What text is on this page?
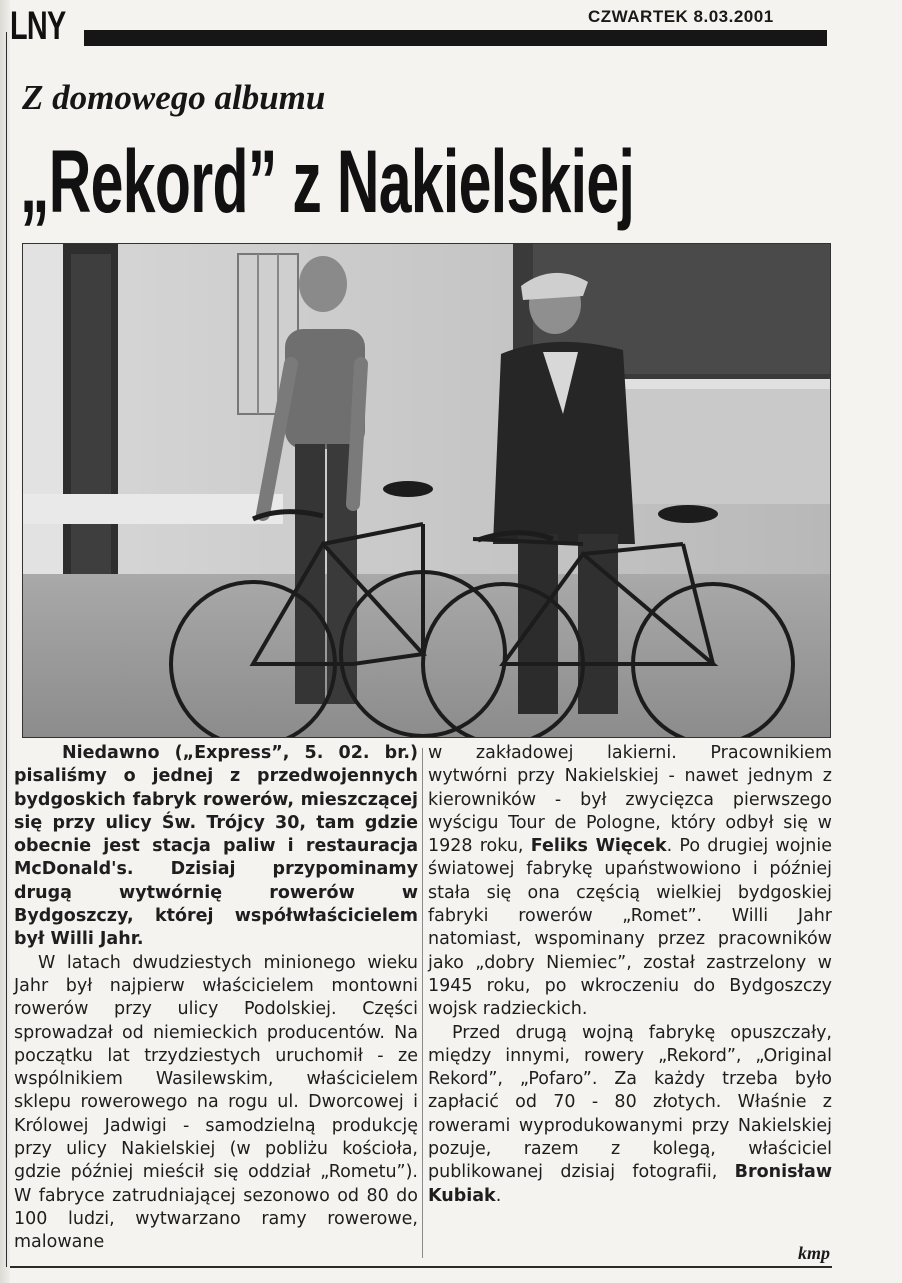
LNY	CZWARTEK 8.03.2001
Z domowego albumu
„Rekord” z Nakielskiej

Niedawno („Express”, 5. 02. br.) pisaliśmy o jednej z przedwojennych bydgoskich fabryk rowerów, mieszczącej się przy ulicy Św. Trójcy 30, tam gdzie obecnie jest stacja paliw i restauracja McDonald's. Dzisiaj przypominamy drugą wytwórnię rowerów w Bydgoszczy, której współwłaścicielem był Willi Jahr.

W latach dwudziestych minionego wieku Jahr był najpierw właścicielem montowni rowerów przy ulicy Podolskiej. Części sprowadzał od niemieckich producentów. Na początku lat trzydziestych uruchomił - ze wspólnikiem Wasilewskim, właścicielem sklepu rowerowego na rogu ul. Dworcowej i Królowej Jadwigi - samodzielną produkcję przy ulicy Nakielskiej (w pobliżu kościoła, gdzie później mieścił się oddział „Rometu”). W fabryce zatrudniającej sezonowo od 80 do 100 ludzi, wytwarzano ramy rowerowe, malowane

w zakładowej lakierni. Pracownikiem wytwórni przy Nakielskiej - nawet jednym z kierowników - był zwycięzca pierwszego wyścigu Tour de Pologne, który odbył się w 1928 roku, Feliks Więcek. Po drugiej wojnie światowej fabrykę upaństwowiono i później stała się ona częścią wielkiej bydgoskiej fabryki rowerów „Romet”. Willi Jahr natomiast, wspominany przez pracowników jako „dobry Niemiec”, został zastrzelony w 1945 roku, po wkroczeniu do Bydgoszczy wojsk radzieckich.

Przed drugą wojną fabrykę opuszczały, między innymi, rowery „Rekord”, „Original Rekord”, „Pofaro”. Za każdy trzeba było zapłacić od 70 - 80 złotych. Właśnie z rowerami wyprodukowanymi przy Nakielskiej pozuje, razem z kolegą, właściciel publikowanej dzisiaj fotografii, Bronisław Kubiak.

kmp
